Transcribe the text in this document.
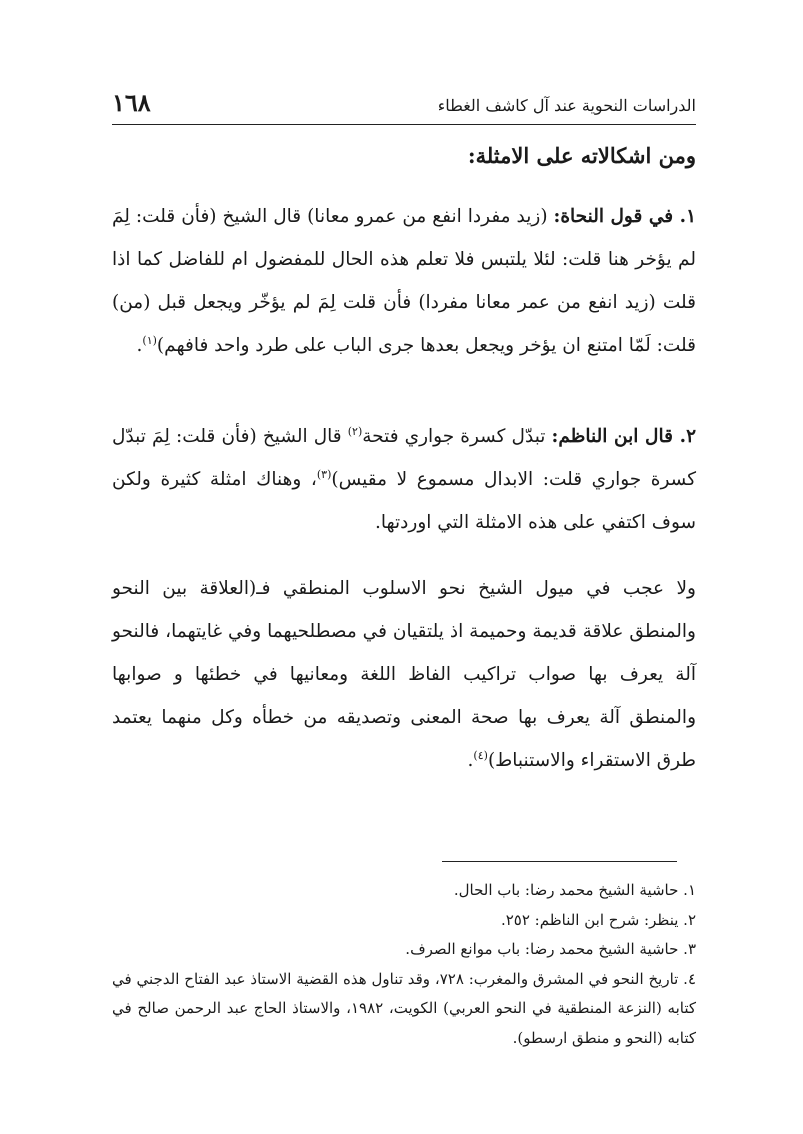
١٦٨	الدراسات النحوية عند آل كاشف الغطاء
ومن اشكالاته على الامثلة:
١. في قول النحاة: (زيد مفردا انفع من عمرو معانا) قال الشيخ (فأن قلت: لِمَ لم يؤخر هنا قلت: لئلا يلتبس فلا تعلم هذه الحال للمفضول ام للفاضل كما اذا قلت (زيد انفع من عمر معانا مفردا) فأن قلت لِمَ لم يؤخّر ويجعل قبل (من) قلت: لَمّا امتنع ان يؤخر ويجعل بعدها جرى الباب على طرد واحد فافهم)$^{(١)}$.
٢. قال ابن الناظم: تبدّل كسرة جواري فتحة$^{(٢)}$ قال الشيخ (فأن قلت: لِمَ تبدّل كسرة جواري قلت: الابدال مسموع لا مقيس)$^{(٣)}$، وهناك امثلة كثيرة ولكن سوف اكتفي على هذه الامثلة التي اوردتها.
ولا عجب في ميول الشيخ نحو الاسلوب المنطقي فـ(العلاقة بين النحو والمنطق علاقة قديمة وحميمة اذ يلتقيان في مصطلحيهما وفي غايتهما، فالنحو آلة يعرف بها صواب تراكيب الفاظ اللغة ومعانيها في خطئها و صوابها والمنطق آلة يعرف بها صحة المعنى وتصديقه من خطأه وكل منهما يعتمد طرق الاستقراء والاستنباط)$^{(٤)}$.
١. حاشية الشيخ محمد رضا: باب الحال.
٢. ينظر: شرح ابن الناظم: ٢٥٢.
٣. حاشية الشيخ محمد رضا: باب موانع الصرف.
٤. تاريخ النحو في المشرق والمغرب: ٧٢٨، وقد تناول هذه القضية الاستاذ عبد الفتاح الدجني في كتابه (النزعة المنطقية في النحو العربي) الكويت، ١٩٨٢، والاستاذ الحاج عبد الرحمن صالح في كتابه (النحو و منطق ارسطو).
